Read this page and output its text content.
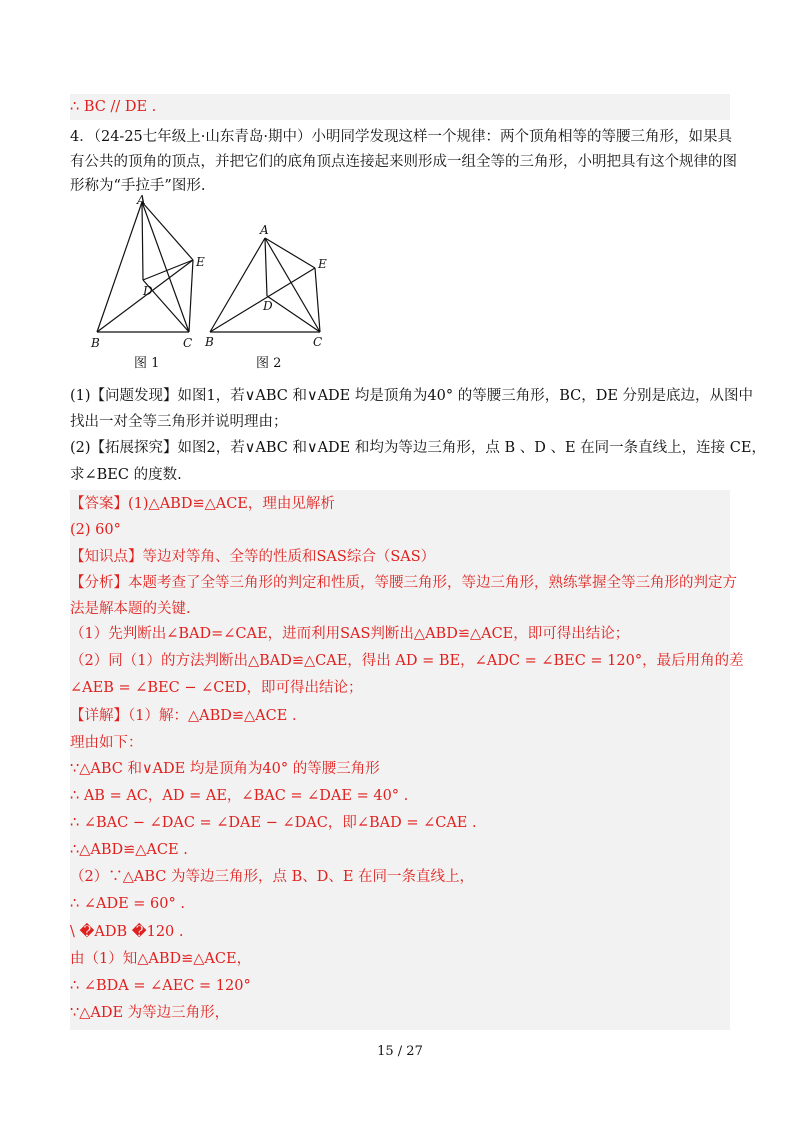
∴ BC // DE .
4．（24-25七年级上·山东青岛·期中）小明同学发现这样一个规律：两个顶角相等的等腰三角形，如果具
有公共的顶角的顶点，并把它们的底角顶点连接起来则形成一组全等的三角形，小明把具有这个规律的图
形称为“手拉手”图形.
A
B	C
D
E
图 1
A
B	C
D
E
图 2
(1)【问题发现】如图1，若∨ABC 和∨ADE 均是顶角为40° 的等腰三角形，BC，DE 分别是底边，从图中
找出一对全等三角形并说明理由；
(2)【拓展探究】如图2，若∨ABC 和∨ADE 和均为等边三角形，点 B 、D 、E 在同一条直线上，连接 CE，
求∠BEC 的度数.
【答案】(1)△ABD≌△ACE，理由见解析
(2) 60°
【知识点】等边对等角、全等的性质和SAS综合（SAS）
【分析】本题考查了全等三角形的判定和性质，等腰三角形，等边三角形，熟练掌握全等三角形的判定方
法是解本题的关键.
（1）先判断出∠BAD=∠CAE，进而利用SAS判断出△ABD≌△ACE，即可得出结论；
（2）同（1）的方法判断出△BAD≌△CAE，得出 AD = BE，∠ADC = ∠BEC = 120°，最后用角的差
∠AEB = ∠BEC − ∠CED，即可得出结论；
【详解】（1）解：△ABD≌△ACE .
理由如下：
∵△ABC 和∨ADE 均是顶角为40° 的等腰三角形
∴ AB = AC，AD = AE，∠BAC = ∠DAE = 40° .
∴ ∠BAC − ∠DAC = ∠DAE − ∠DAC，即∠BAD = ∠CAE .
∴△ABD≌△ACE .
（2）∵△ABC 为等边三角形，点 B、D、E 在同一条直线上，
∴ ∠ADE = 60° .
\ �ADB �120 .
由（1）知△ABD≌△ACE，
∴ ∠BDA = ∠AEC = 120°
∵△ADE 为等边三角形，
15 / 27
